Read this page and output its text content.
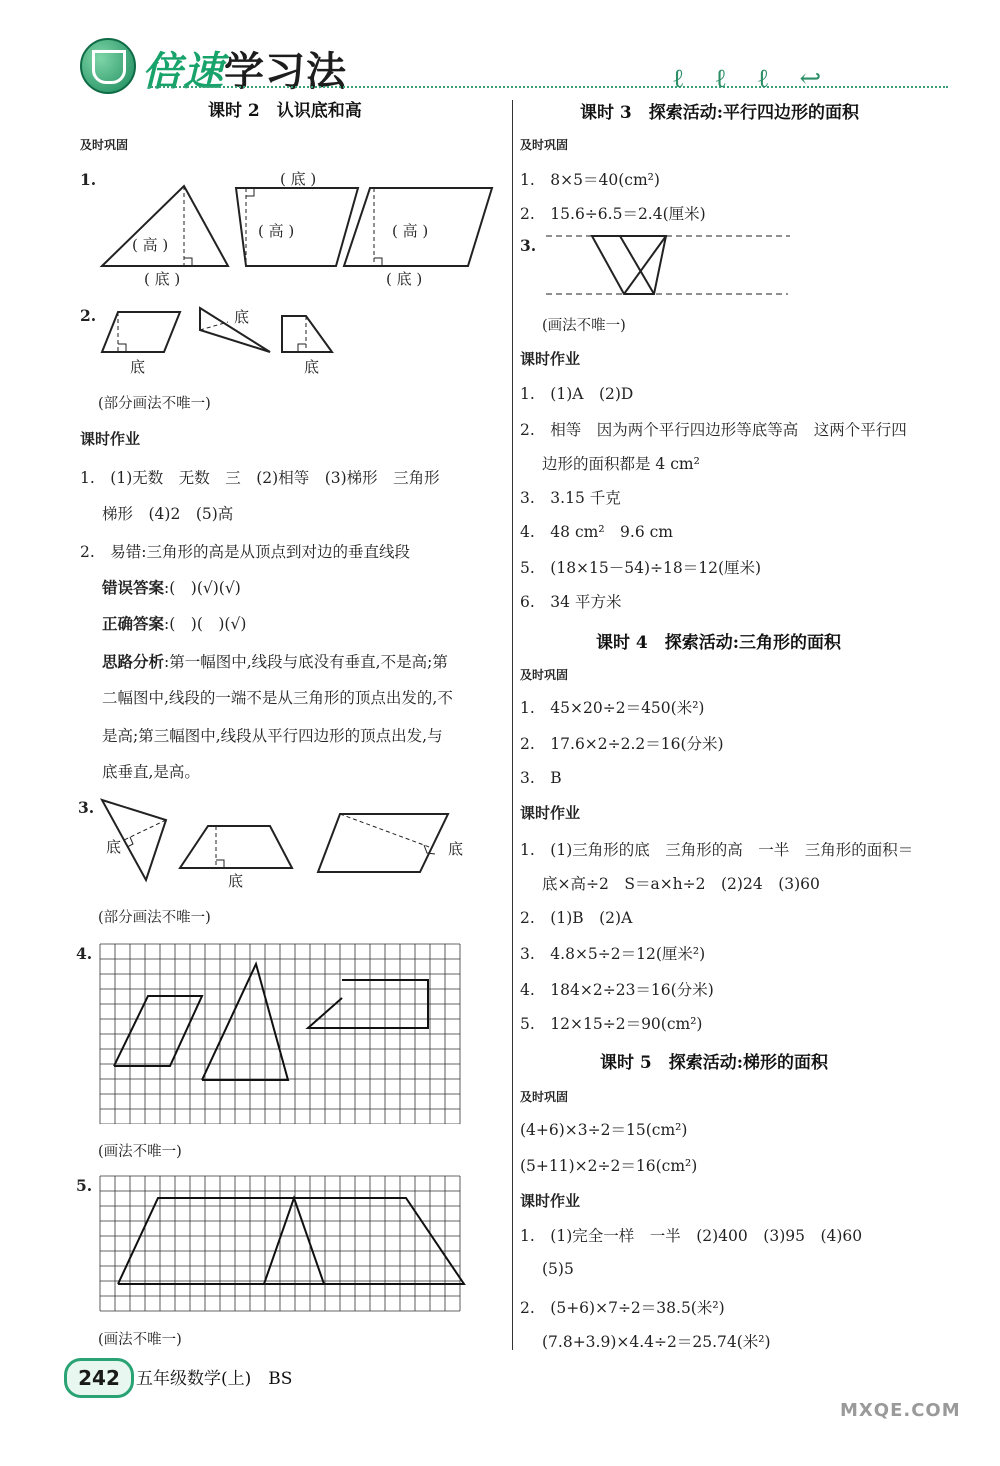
倍速学习法	ℓℓℓ↩
课时 2　认识底和高
及时巩固
1.
( 高 )
( 底 )
( 底 )
( 高 )	( 高 )
( 底 )
2.
底
底
底
(部分画法不唯一)
课时作业
1.　(1)无数　无数　三　(2)相等　(3)梯形　三角形
梯形　(4)2　(5)高
2.　易错:三角形的高是从顶点到对边的垂直线段
错误答案:(　)(√)(√)
正确答案:(　)(　)(√)
思路分析:第一幅图中,线段与底没有垂直,不是高;第
二幅图中,线段的一端不是从三角形的顶点出发的,不
是高;第三幅图中,线段从平行四边形的顶点出发,与
底垂直,是高。
3.
底
底
底
(部分画法不唯一)
4.
(画法不唯一)
5.
(画法不唯一)
课时 3　探索活动:平行四边形的面积
及时巩固
1.　8×5＝40(cm²)
2.　15.6÷6.5＝2.4(厘米)
3.
(画法不唯一)
课时作业
1.　(1)A　(2)D
2.　相等　因为两个平行四边形等底等高　这两个平行四
边形的面积都是 4 cm²
3.　3.15 千克
4.　48 cm²　9.6 cm
5.　(18×15－54)÷18＝12(厘米)
6.　34 平方米
课时 4　探索活动:三角形的面积
及时巩固
1.　45×20÷2＝450(米²)
2.　17.6×2÷2.2＝16(分米)
3.　B
课时作业
1.　(1)三角形的底　三角形的高　一半　三角形的面积＝
底×高÷2　S＝a×h÷2　(2)24　(3)60
2.　(1)B　(2)A
3.　4.8×5÷2＝12(厘米²)
4.　184×2÷23＝16(分米)
5.　12×15÷2＝90(cm²)
课时 5　探索活动:梯形的面积
及时巩固
(4+6)×3÷2＝15(cm²)
(5+11)×2÷2＝16(cm²)
课时作业
1.　(1)完全一样　一半　(2)400　(3)95　(4)60
(5)5
2.　(5+6)×7÷2＝38.5(米²)
(7.8+3.9)×4.4÷2＝25.74(米²)
242 五年级数学(上)　BS
MXQE.COM
